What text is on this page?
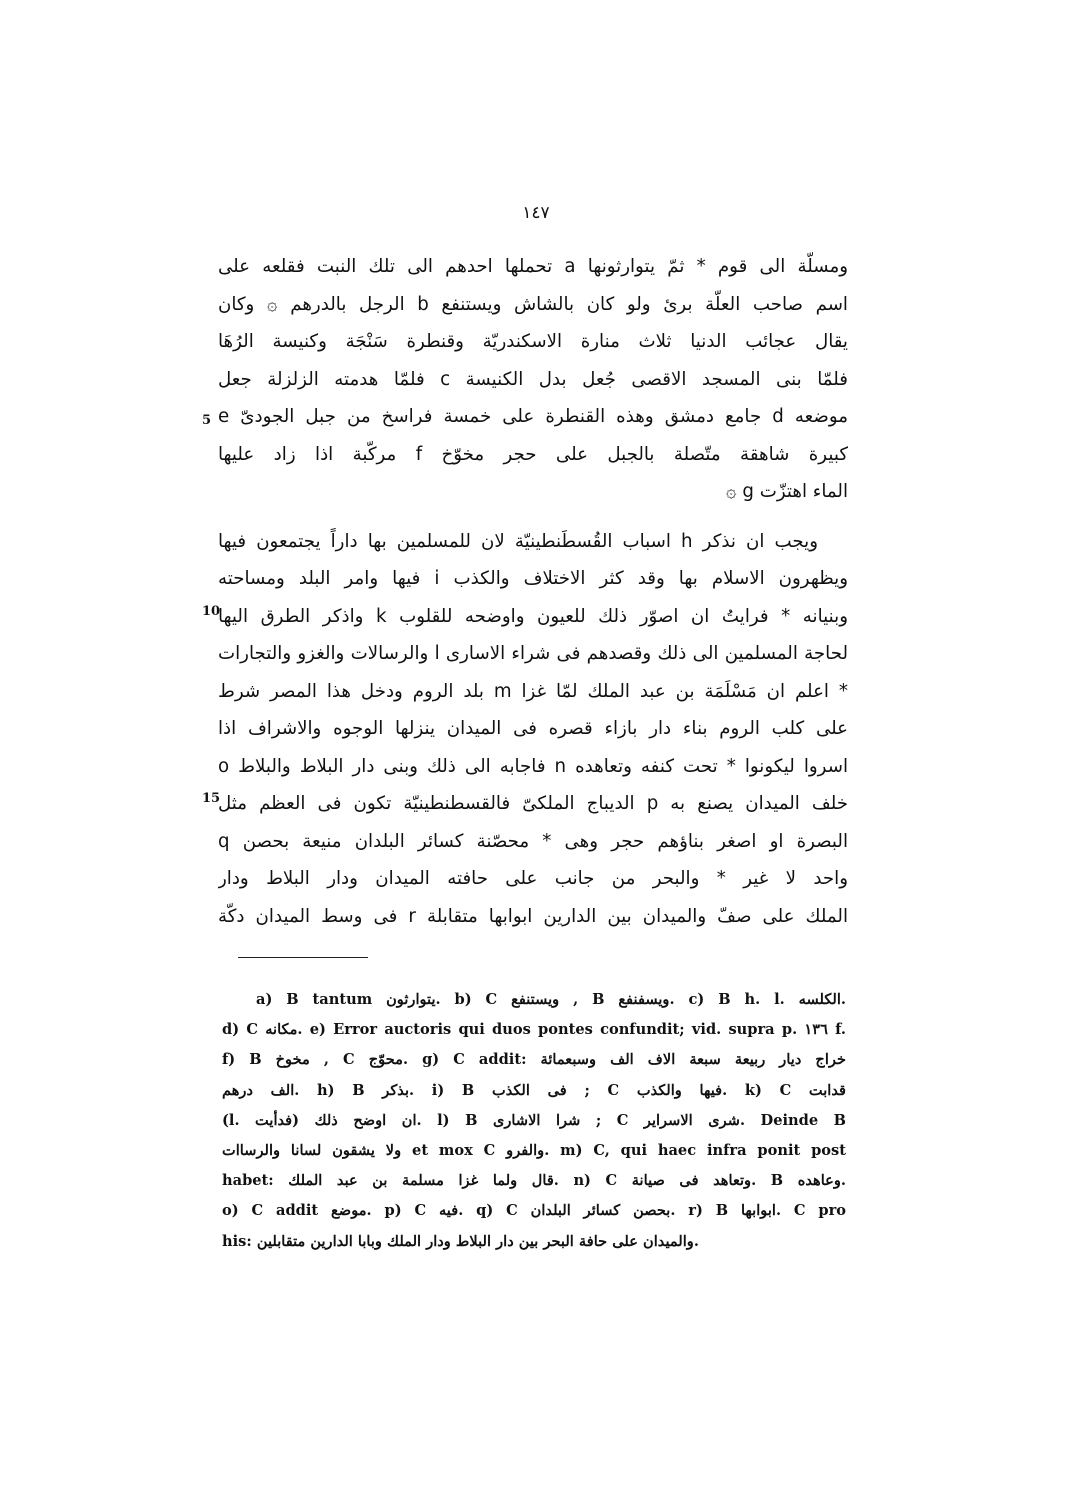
١٤٧
ومسلّة الى قوم * ثمّ يتوارثونها a تحملها احدهم الى تلك النبت فقلعه على
اسم صاحب العلّة برئ ولو كان بالشاش ويستنفع b الرجل بالدرهم ۞ وكان
يقال عجائب الدنيا ثلاث منارة الاسكندريّة وقنطرة سَنْجَة وكنيسة الرُهَا
فلمّا بنى المسجد الاقصى جُعل بدل الكنيسة c فلمّا هدمته الزلزلة جعل
موضعه d جامع دمشق وهذه القنطرة على خمسة فراسخ من جبل الجودىّ e
كبيرة شاهقة متّصلة بالجبل على حجر مخوّخ f مركّبة اذا زاد عليها
الماء اهتزّت g ۞
ويجب ان نذكر h اسباب القُسطَنطينيّة لان للمسلمين بها داراً يجتمعون فيها
ويظهرون الاسلام بها وقد كثر الاختلاف والكذب i فيها وامر البلد ومساحته
وبنيانه * فرايتُ ان اصوّر ذلك للعيون واوضحه للقلوب k واذكر الطرق اليها
لحاجة المسلمين الى ذلك وقصدهم فى شراء الاسارى l والرسالات والغزو والتجارات
* اعلم ان مَسْلَمَة بن عبد الملك لمّا غزا m بلد الروم ودخل هذا المصر شرط
على كلب الروم بناء دار بازاء قصره فى الميدان ينزلها الوجوه والاشراف اذا
اسروا ليكونوا * تحت كنفه وتعاهده n فاجابه الى ذلك وبنى دار البلاط والبلاط o
خلف الميدان يصنع به p الديباج الملكىّ فالقسطنطينيّة تكون فى العظم مثل
البصرة او اصغر بناؤهم حجر وهى * محصّنة كسائر البلدان منيعة بحصن q
واحد لا غير * والبحر من جانب على حافته الميدان ودار البلاط ودار
الملك على صفّ والميدان بين الدارين ابوابها متقابلة r فى وسط الميدان دكّة
5
10
15
a) B tantum يتوارثون. b) C ويستنفع , B ويسفنفع. c) B h. l. الكلسه.
d) C مكانه. e) Error auctoris qui duos pontes confundit; vid. supra p. ١٣٦ f.
f) B مخوخ , C محوّج. g) C addit: خراج ديار ربيعة سبعة الاف الف وسبعمائة
الف درهم. h) B بذكر. i) B فى الكذب ; C فيها والكذب. k) C قدابت
(l. فدأيت) ان اوضح ذلك. l) B شرا الاشارى ; C شرى الاسراير. Deinde B
ولا يشقون لسانا والرساات et mox C والفرو. m) C, qui haec infra ponit post
habet: قال ولما غزا مسلمة بن عبد الملك. n) C وتعاهد فى صيانة. B وعاهده.
o) C addit موضع. p) C فيه. q) C بحصن كسائر البلدان. r) B ابوابها. C pro
his: والميدان على حافة البحر بين دار البلاط ودار الملك وبابا الدارين متقابلين.
